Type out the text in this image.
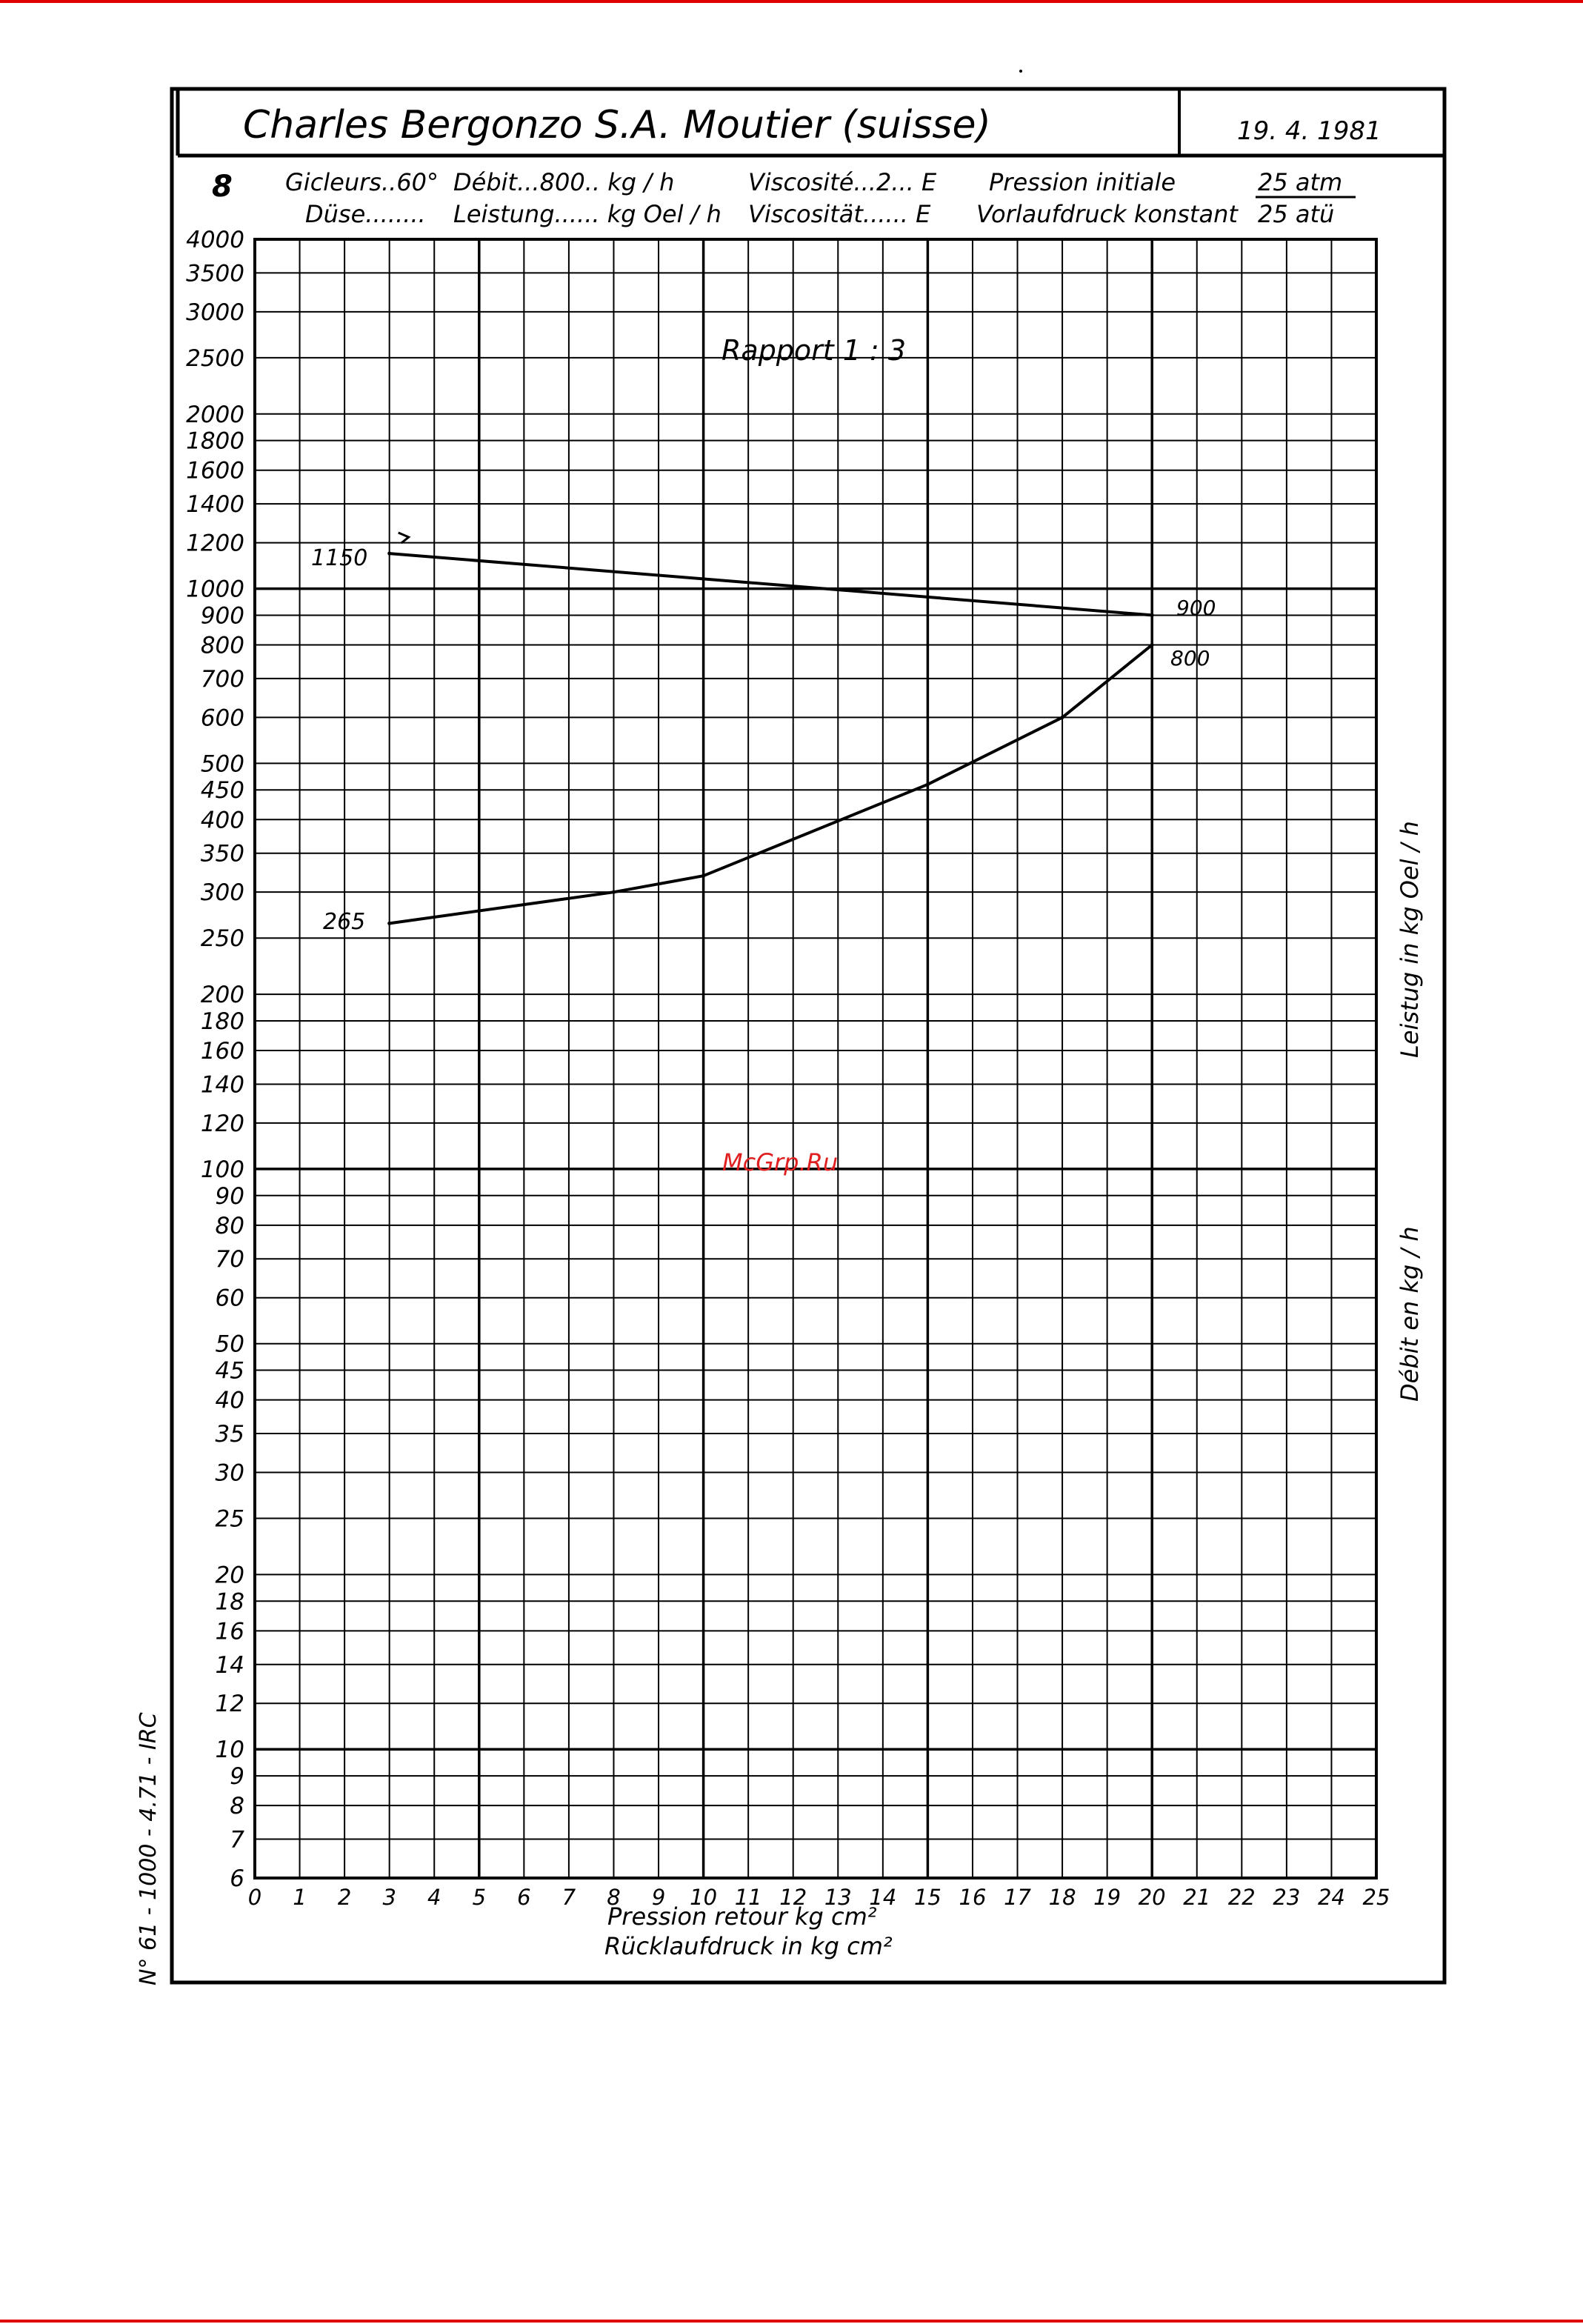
Charles Bergonzo S.A. Moutier (suisse)	19. 4. 1981
8 Gicleurs..60° Débit...800.. kg / h	Viscosité...2... E Pression initiale	25 atm
Düse........ Leistung...... kg Oel / h Viscosität...... E Vorlaufdruck konstant 25 atü
4000
3500
3000
2500
2000
1800
1600
1400
1200
1000
900
800
700
600
500
450
400
350
300
250
200
180
160
140
120
100
90
80
70
60
50
45
40
35
30
25
20
18
16
14
12
10
9
8
7
6
0 1 2 3 4 5 6 7 8 9 10 11 12 13 14 15 16 17 18 19 20 21 22 23 24 25
Pression retour kg cm²
Rücklaufdruck in kg cm²
Leistug in kg Oel / h
Débit en kg / h
N° 61 - 1000 - 4.71 - IRC
Rapport 1 : 3
1150
900
265
800
McGrp.Ru
